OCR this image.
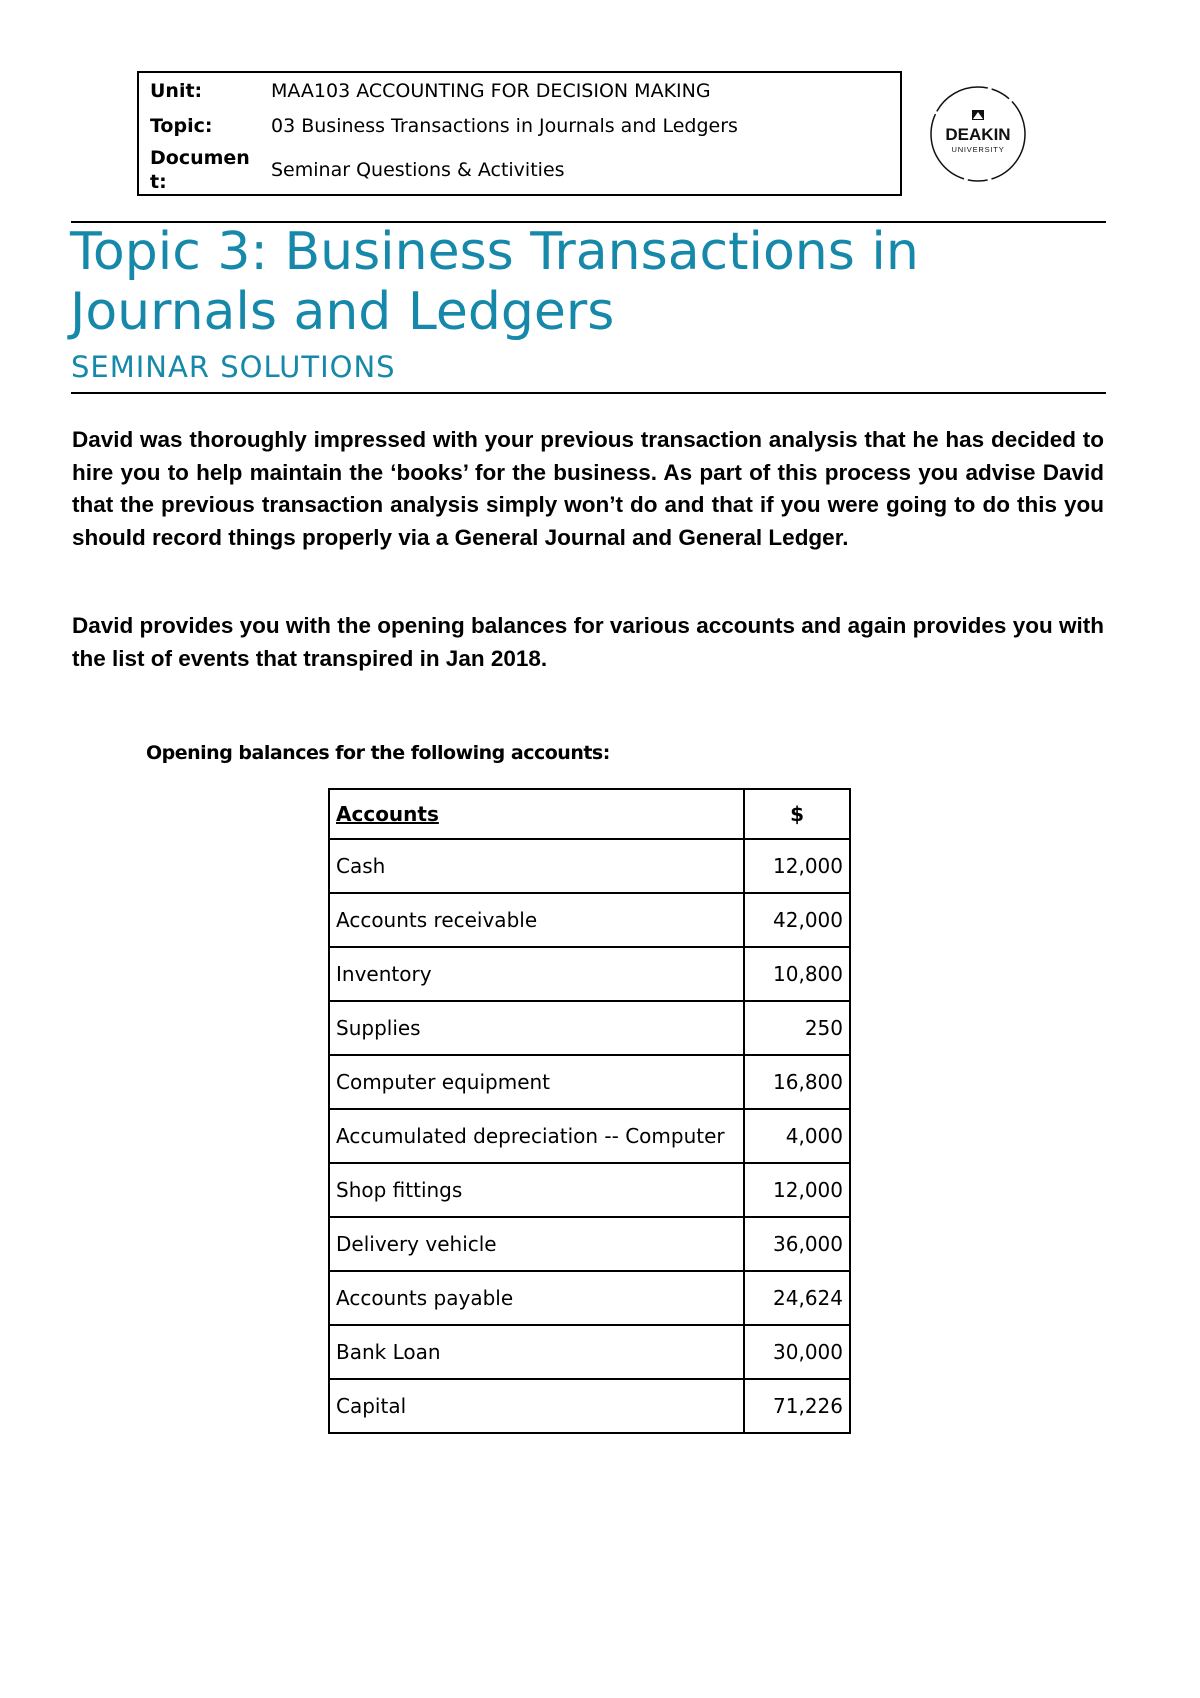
Unit:	MAA103 ACCOUNTING FOR DECISION MAKING
Topic:	03 Business Transactions in Journals and Ledgers
Document:
Seminar Questions & Activities
DEAKIN
UNIVERSITY
Topic 3: Business Transactions in Journals and Ledgers
SEMINAR SOLUTIONS

David was thoroughly impressed with your previous transaction analysis that he has decided to hire you to help maintain the ‘books’ for the business. As part of this process you advise David that the previous transaction analysis simply won’t do and that if you were going to do this you should record things properly via a General Journal and General Ledger.

David provides you with the opening balances for various accounts and again provides you with the list of events that transpired in Jan 2018.

Opening balances for the following accounts:
Accounts	$
Cash	12,000
Accounts receivable	42,000
Inventory	10,800
Supplies	250
Computer equipment	16,800
Accumulated depreciation -- Computer	4,000
Shop fittings	12,000
Delivery vehicle	36,000
Accounts payable	24,624
Bank Loan	30,000
Capital	71,226
